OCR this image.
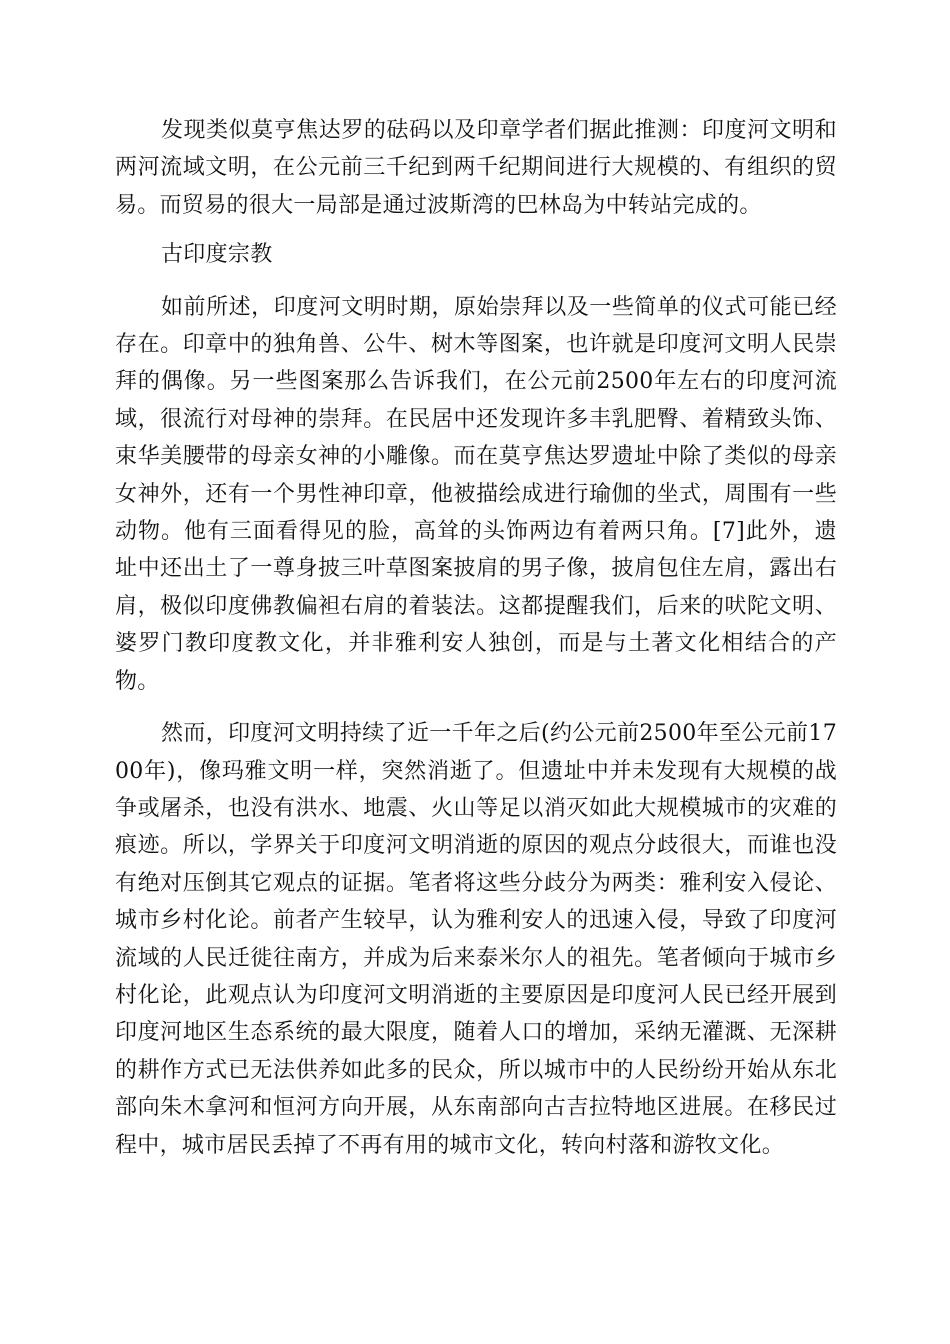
发现类似莫亨焦达罗的砝码以及印章学者们据此推测：印度河文明和两河流域文明，在公元前三千纪到两千纪期间进行大规模的、有组织的贸易。而贸易的很大一局部是通过波斯湾的巴林岛为中转站完成的。

古印度宗教

如前所述，印度河文明时期，原始崇拜以及一些简单的仪式可能已经存在。印章中的独角兽、公牛、树木等图案，也许就是印度河文明人民崇拜的偶像。另一些图案那么告诉我们，在公元前2500年左右的印度河流域，很流行对母神的崇拜。在民居中还发现许多丰乳肥臀、着精致头饰、束华美腰带的母亲女神的小雕像。而在莫亨焦达罗遗址中除了类似的母亲女神外，还有一个男性神印章，他被描绘成进行瑜伽的坐式，周围有一些动物。他有三面看得见的脸，高耸的头饰两边有着两只角。[7]此外，遗址中还出土了一尊身披三叶草图案披肩的男子像，披肩包住左肩，露出右肩，极似印度佛教偏袒右肩的着装法。这都提醒我们，后来的吠陀文明、婆罗门教印度教文化，并非雅利安人独创，而是与土著文化相结合的产物。

然而，印度河文明持续了近一千年之后(约公元前2500年至公元前1700年)，像玛雅文明一样，突然消逝了。但遗址中并未发现有大规模的战争或屠杀，也没有洪水、地震、火山等足以消灭如此大规模城市的灾难的痕迹。所以，学界关于印度河文明消逝的原因的观点分歧很大，而谁也没有绝对压倒其它观点的证据。笔者将这些分歧分为两类：雅利安入侵论、城市乡村化论。前者产生较早，认为雅利安人的迅速入侵，导致了印度河流域的人民迁徙往南方，并成为后来泰米尔人的祖先。笔者倾向于城市乡村化论，此观点认为印度河文明消逝的主要原因是印度河人民已经开展到印度河地区生态系统的最大限度，随着人口的增加，采纳无灌溉、无深耕的耕作方式已无法供养如此多的民众，所以城市中的人民纷纷开始从东北部向朱木拿河和恒河方向开展，从东南部向古吉拉特地区进展。在移民过程中，城市居民丢掉了不再有用的城市文化，转向村落和游牧文化。
